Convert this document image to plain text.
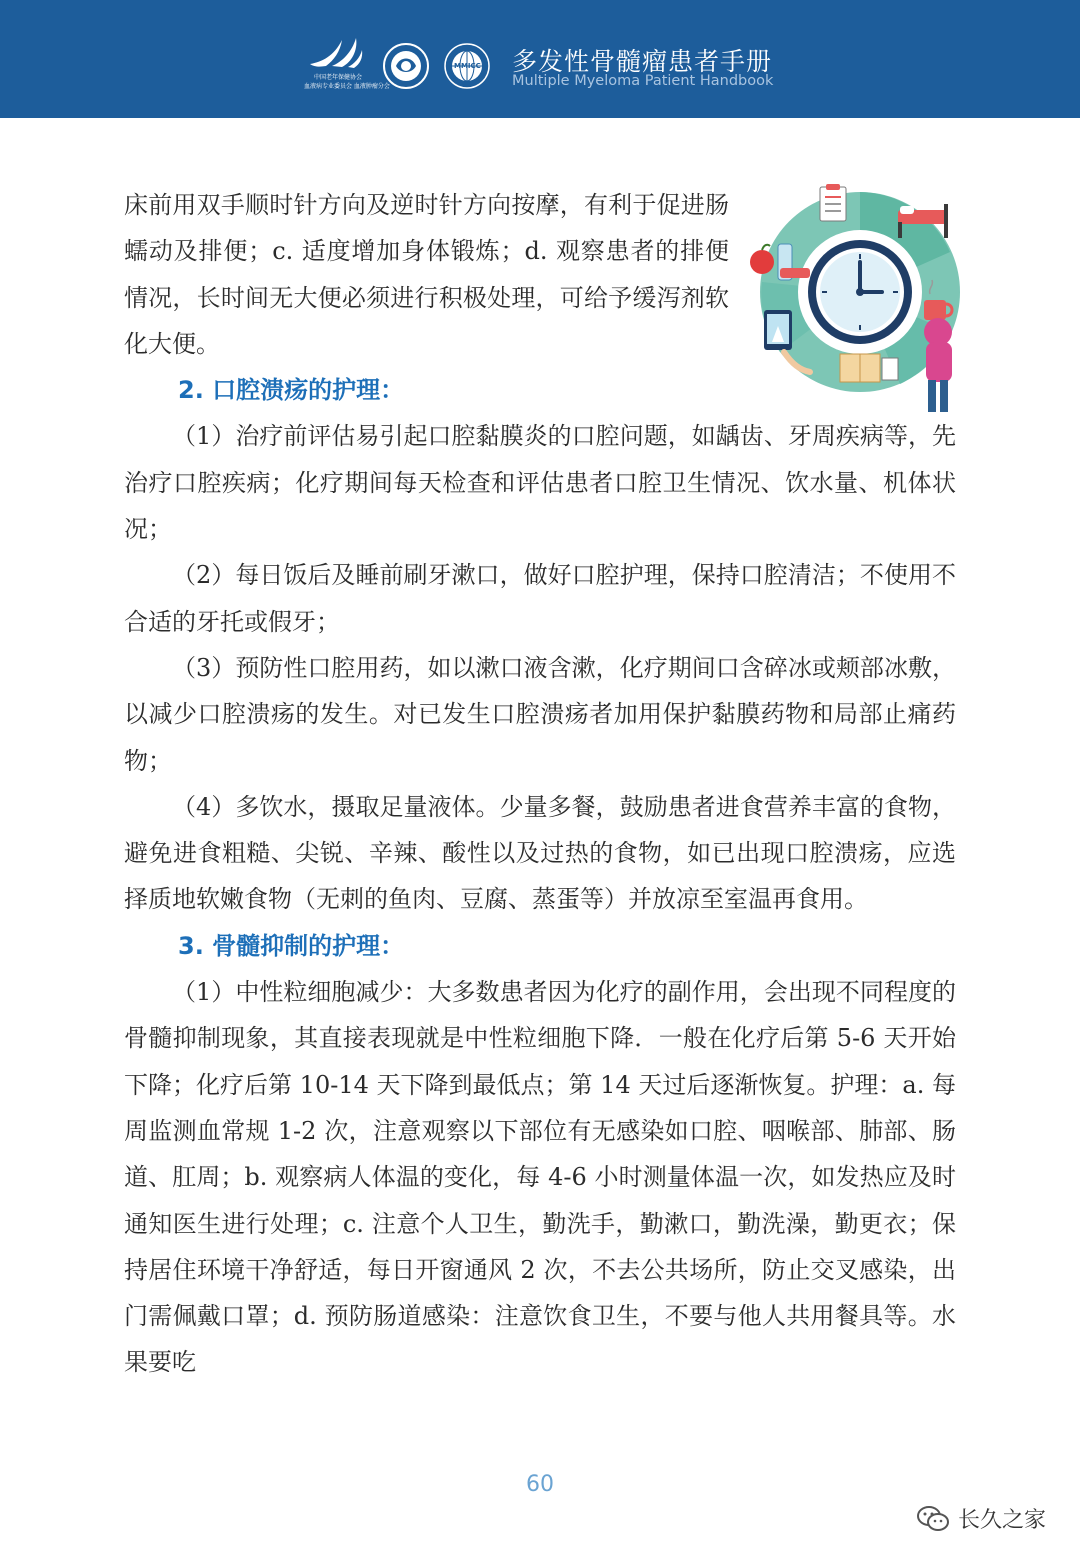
中国老年保健协会
血液病专业委员会 血液肿瘤分会
MMICC 多发性骨髓瘤患者手册
Multiple Myeloma Patient Handbook

床前用双手顺时针方向及逆时针方向按摩，有利于促进肠蠕动及排便；c. 适度增加身体锻炼；d. 观察患者的排便情况，长时间无大便必须进行积极处理，可给予缓泻剂软化大便。

2. 口腔溃疡的护理：

（1）治疗前评估易引起口腔黏膜炎的口腔问题，如龋齿、牙周疾病等，先治疗口腔疾病；化疗期间每天检查和评估患者口腔卫生情况、饮水量、机体状况；

（2）每日饭后及睡前刷牙漱口，做好口腔护理，保持口腔清洁；不使用不合适的牙托或假牙；

（3）预防性口腔用药，如以漱口液含漱，化疗期间口含碎冰或颊部冰敷，以减少口腔溃疡的发生。对已发生口腔溃疡者加用保护黏膜药物和局部止痛药物；

（4）多饮水，摄取足量液体。少量多餐，鼓励患者进食营养丰富的食物，避免进食粗糙、尖锐、辛辣、酸性以及过热的食物，如已出现口腔溃疡，应选择质地软嫩食物（无刺的鱼肉、豆腐、蒸蛋等）并放凉至室温再食用。

3. 骨髓抑制的护理：

（1）中性粒细胞减少：大多数患者因为化疗的副作用，会出现不同程度的骨髓抑制现象，其直接表现就是中性粒细胞下降．一般在化疗后第 5-6 天开始下降；化疗后第 10-14 天下降到最低点；第 14 天过后逐渐恢复。护理：a. 每周监测血常规 1-2 次，注意观察以下部位有无感染如口腔、咽喉部、肺部、肠道、肛周；b. 观察病人体温的变化，每 4-6 小时测量体温一次，如发热应及时通知医生进行处理；c. 注意个人卫生，勤洗手，勤漱口，勤洗澡，勤更衣；保持居住环境干净舒适，每日开窗通风 2 次，不去公共场所，防止交叉感染，出门需佩戴口罩；d. 预防肠道感染：注意饮食卫生，不要与他人共用餐具等。水果要吃

60
长久之家
